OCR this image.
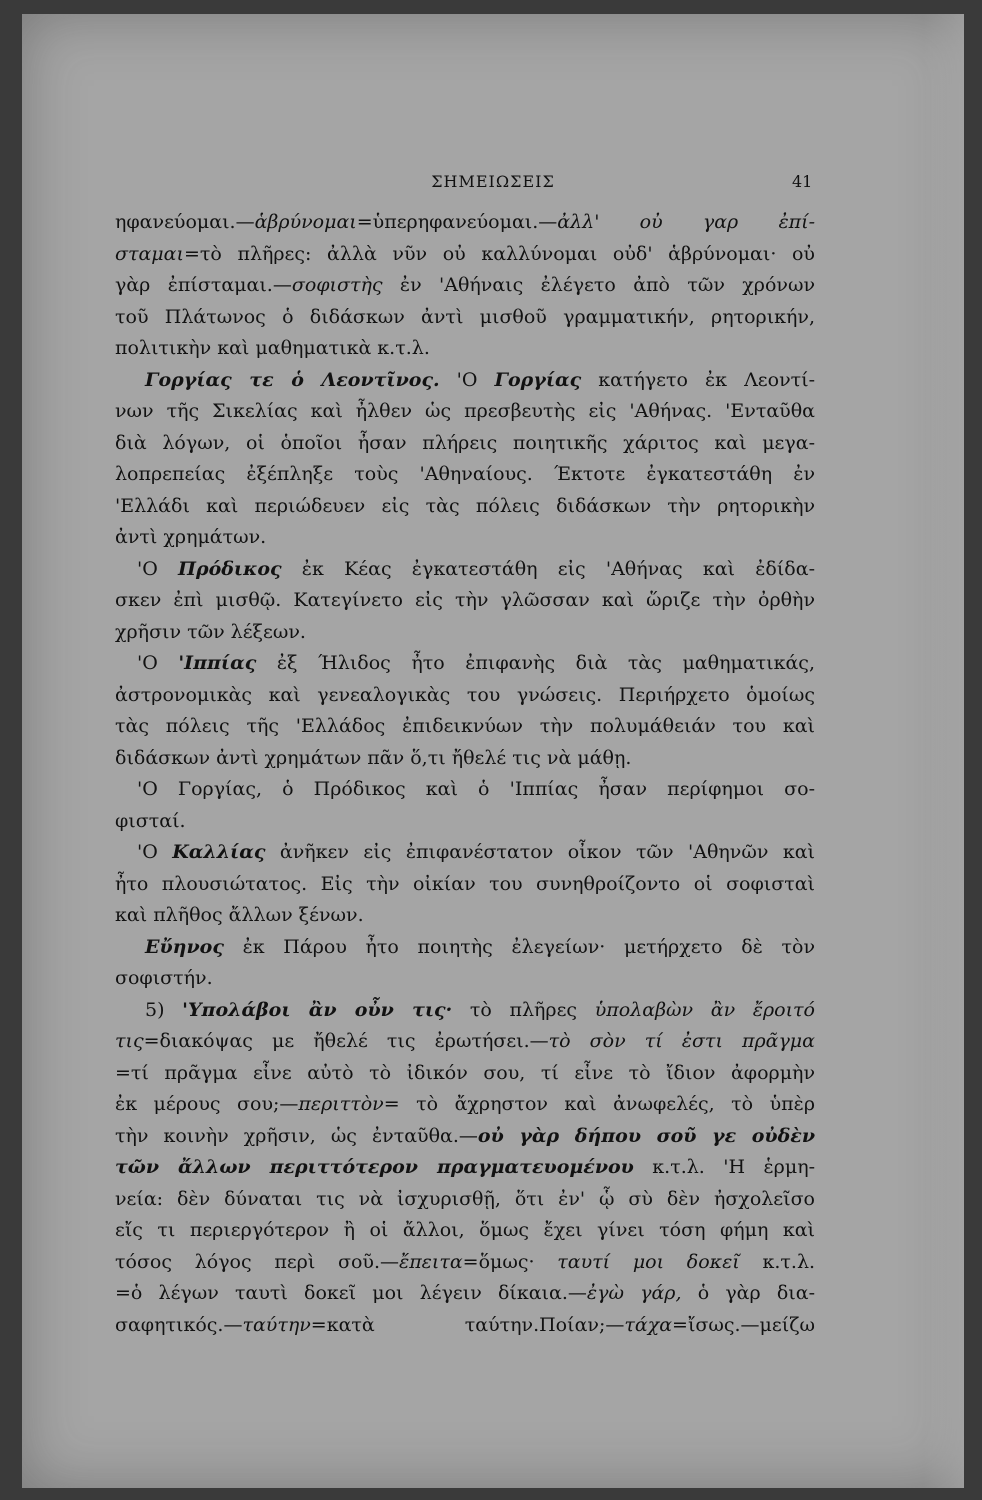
ΣΗΜΕΙΩΣΕΙΣ	41
ηφανεύομαι.—ἁβρύνομαι=ὑπερηφανεύομαι.—ἀλλ' οὐ γαρ ἐπί-
σταμαι=τὸ πλῆρες: ἀλλὰ νῦν οὐ καλλύνομαι οὐδ' ἁβρύνομαι· οὐ
γὰρ ἐπίσταμαι.—σοφιστὴς ἐν 'Αθήναις ἐλέγετο ἀπὸ τῶν χρόνων
τοῦ Πλάτωνος ὁ διδάσκων ἀντὶ μισθοῦ γραμματικήν, ρητορικήν,
πολιτικὴν καὶ μαθηματικὰ κ.τ.λ.
Γοργίας τε ὁ Λεοντῖνος. 'Ο Γοργίας κατήγετο ἐκ Λεοντί-
νων τῆς Σικελίας καὶ ἦλθεν ὡς πρεσβευτὴς εἰς 'Αθήνας. 'Ενταῦθα
διὰ λόγων, οἱ ὁποῖοι ἦσαν πλήρεις ποιητικῆς χάριτος καὶ μεγα-
λοπρεπείας ἐξέπληξε τοὺς 'Αθηναίους. Έκτοτε ἐγκατεστάθη ἐν
'Ελλάδι καὶ περιώδευεν εἰς τὰς πόλεις διδάσκων τὴν ρητορικὴν
ἀντὶ χρημάτων.
'Ο Πρόδικος ἐκ Κέας ἐγκατεστάθη εἰς 'Αθήνας καὶ ἐδίδα-
σκεν ἐπὶ μισθῷ. Κατεγίνετο εἰς τὴν γλῶσσαν καὶ ὥριζε τὴν ὀρθὴν
χρῆσιν τῶν λέξεων.
'Ο 'Ιππίας ἐξ Ήλιδος ἦτο ἐπιφανὴς διὰ τὰς μαθηματικάς,
ἀστρονομικὰς καὶ γενεαλογικὰς του γνώσεις. Περιήρχετο ὁμοίως
τὰς πόλεις τῆς 'Ελλάδος ἐπιδεικνύων τὴν πολυμάθειάν του καὶ
διδάσκων ἀντὶ χρημάτων πᾶν ὅ,τι ἤθελέ τις νὰ μάθῃ.
'Ο Γοργίας, ὁ Πρόδικος καὶ ὁ 'Ιππίας ἦσαν περίφημοι σο-
φισταί.
'Ο Καλλίας ἀνῆκεν εἰς ἐπιφανέστατον οἶκον τῶν 'Αθηνῶν καὶ
ἦτο πλουσιώτατος. Εἰς τὴν οἰκίαν του συνηθροίζοντο οἱ σοφισταὶ
καὶ πλῆθος ἄλλων ξένων.
Εὔηνος ἐκ Πάρου ἦτο ποιητὴς ἐλεγείων· μετήρχετο δὲ τὸν
σοφιστήν.
5) 'Υπολάβοι ἂν οὖν τις· τὸ πλῆρες ὑπολαβὼν ἂν ἔροιτό
τις=διακόψας με ἤθελέ τις ἐρωτήσει.—τὸ σὸν τί ἐστι πρᾶγμα
=τί πρᾶγμα εἶνε αὐτὸ τὸ ἰδικόν σου, τί εἶνε τὸ ἴδιον ἀφορμὴν
ἐκ μέρους σου;—περιττὸν= τὸ ἄχρηστον καὶ ἀνωφελές, τὸ ὑπὲρ
τὴν κοινὴν χρῆσιν, ὡς ἐνταῦθα.—οὐ γὰρ δήπου σοῦ γε οὐδὲν
τῶν ἄλλων περιττότερον πραγματευομένου κ.τ.λ. 'Η ἑρμη-
νεία: δὲν δύναται τις νὰ ἰσχυρισθῇ, ὅτι ἐν' ᾧ σὺ δὲν ἠσχολεῖσο
εἴς τι περιεργότερον ἢ οἱ ἄλλοι, ὅμως ἔχει γίνει τόση φήμη καὶ
τόσος λόγος περὶ σοῦ.—ἔπειτα=ὅμως· ταυτί μοι δοκεῖ κ.τ.λ.
=ὁ λέγων ταυτὶ δοκεῖ μοι λέγειν δίκαια.—ἐγὼ γάρ, ὁ γὰρ δια-
σαφητικός.—ταύτην=κατὰ ταύτην.Ποίαν;—τάχα=ἴσως.—μείζω
